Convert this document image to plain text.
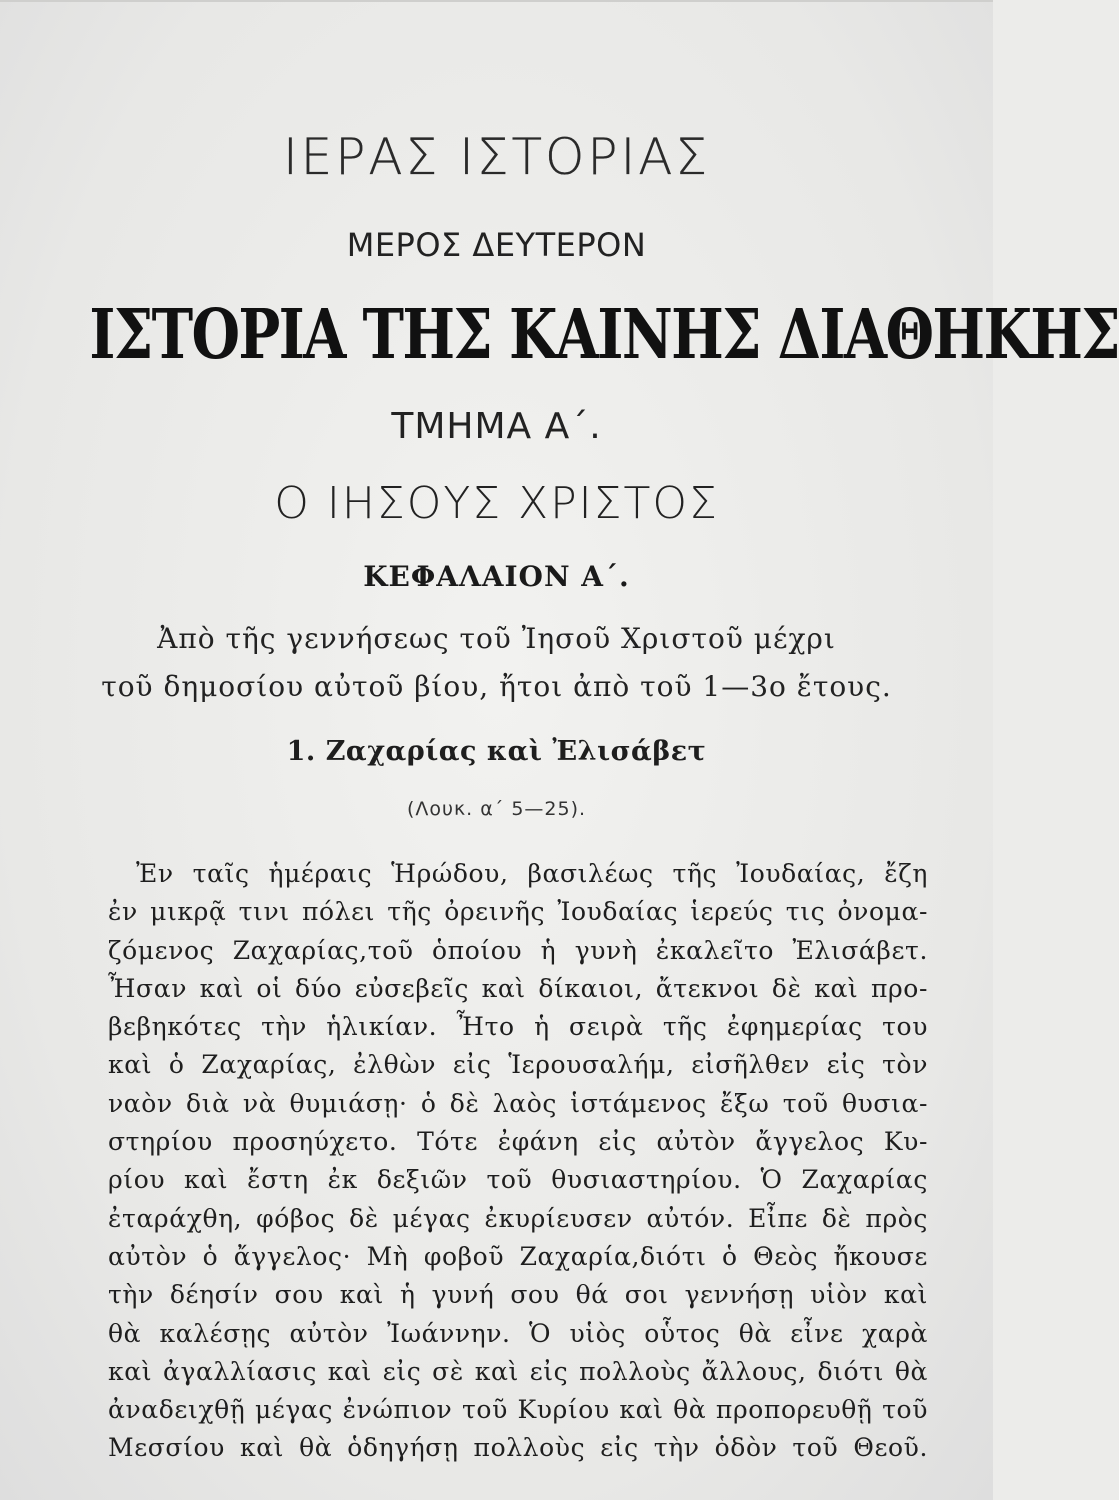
ΙΕΡΑΣ ΙΣΤΟΡΙΑΣ
ΜΕΡΟΣ ΔΕΥΤΕΡΟΝ
ΙΣΤΟΡΙΑ ΤΗΣ ΚΑΙΝΗΣ ΔΙΑΘΗΚΗΣ
ΤΜΗΜΑ Α΄.
Ο ΙΗΣΟΥΣ ΧΡΙΣΤΟΣ
ΚΕΦΑΛΑΙΟΝ Α΄.
Ἀπὸ τῆς γεννήσεως τοῦ Ἰησοῦ Χριστοῦ μέχρι
τοῦ δημοσίου αὐτοῦ βίου, ἤτοι ἀπὸ τοῦ 1—3ο ἔτους.
1. Ζαχαρίας καὶ Ἐλισάβετ
(Λουκ. α΄ 5—25).
Ἐν ταῖς ἡμέραις Ἡρώδου, βασιλέως τῆς Ἰουδαίας, ἔζη
ἐν μικρᾷ τινι πόλει τῆς ὀρεινῆς Ἰουδαίας ἱερεύς τις ὀνομα-
ζόμενος Ζαχαρίας,τοῦ ὁποίου ἡ γυνὴ ἐκαλεῖτο Ἐλισάβετ.
Ἦσαν καὶ οἱ δύο εὐσεβεῖς καὶ δίκαιοι, ἄτεκνοι δὲ καὶ προ-
βεβηκότες τὴν ἡλικίαν. Ἦτο ἡ σειρὰ τῆς ἐφημερίας του
καὶ ὁ Ζαχαρίας, ἐλθὼν εἰς Ἱερουσαλήμ, εἰσῆλθεν εἰς τὸν
ναὸν διὰ νὰ θυμιάσῃ· ὁ δὲ λαὸς ἱστάμενος ἔξω τοῦ θυσια-
στηρίου προσηύχετο. Τότε ἐφάνη εἰς αὐτὸν ἄγγελος Κυ-
ρίου καὶ ἔστη ἐκ δεξιῶν τοῦ θυσιαστηρίου. Ὁ Ζαχαρίας
ἐταράχθη, φόβος δὲ μέγας ἐκυρίευσεν αὐτόν. Εἶπε δὲ πρὸς
αὐτὸν ὁ ἄγγελος· Μὴ φοβοῦ Ζαχαρία,διότι ὁ Θεὸς ἤκουσε
τὴν δέησίν σου καὶ ἡ γυνή σου θά σοι γεννήσῃ υἱὸν καὶ
θὰ καλέσῃς αὐτὸν Ἰωάννην. Ὁ υἱὸς οὗτος θὰ εἶνε χαρὰ
καὶ ἀγαλλίασις καὶ εἰς σὲ καὶ εἰς πολλοὺς ἄλλους, διότι θὰ
ἀναδειχθῇ μέγας ἐνώπιον τοῦ Κυρίου καὶ θὰ προπορευθῇ τοῦ
Μεσσίου καὶ θὰ ὁδηγήσῃ πολλοὺς εἰς τὴν ὁδὸν τοῦ Θεοῦ.
